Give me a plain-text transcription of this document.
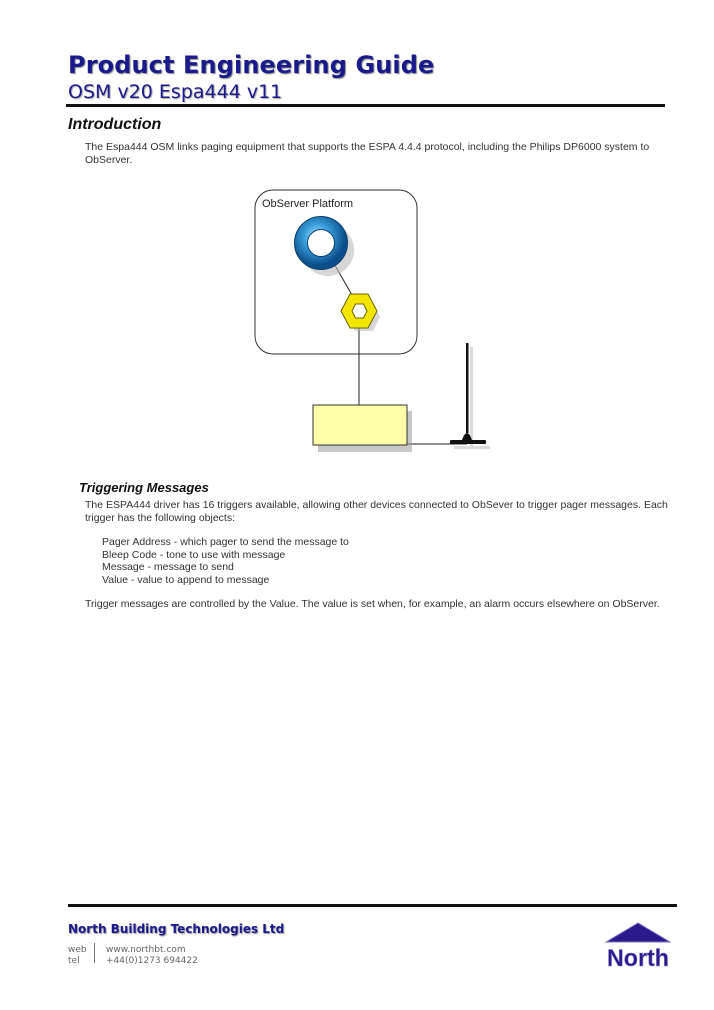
Product Engineering Guide
OSM v20 Espa444 v11
Introduction
The Espa444 OSM links paging equipment that supports the ESPA 4.4.4 protocol, including the Philips DP6000 system to ObServer.
ObServer Platform
Triggering Messages
The ESPA444 driver has 16 triggers available, allowing other devices connected to ObSever to trigger pager messages. Each trigger has the following objects:
Pager Address - which pager to send the message to
Bleep Code - tone to use with message
Message - message to send
Value - value to append to message
Trigger messages are controlled by the Value. The value is set when, for example, an alarm occurs elsewhere on ObServer.
North Building Technologies Ltd
web
tel
www.northbt.com
+44(0)1273 694422	North
